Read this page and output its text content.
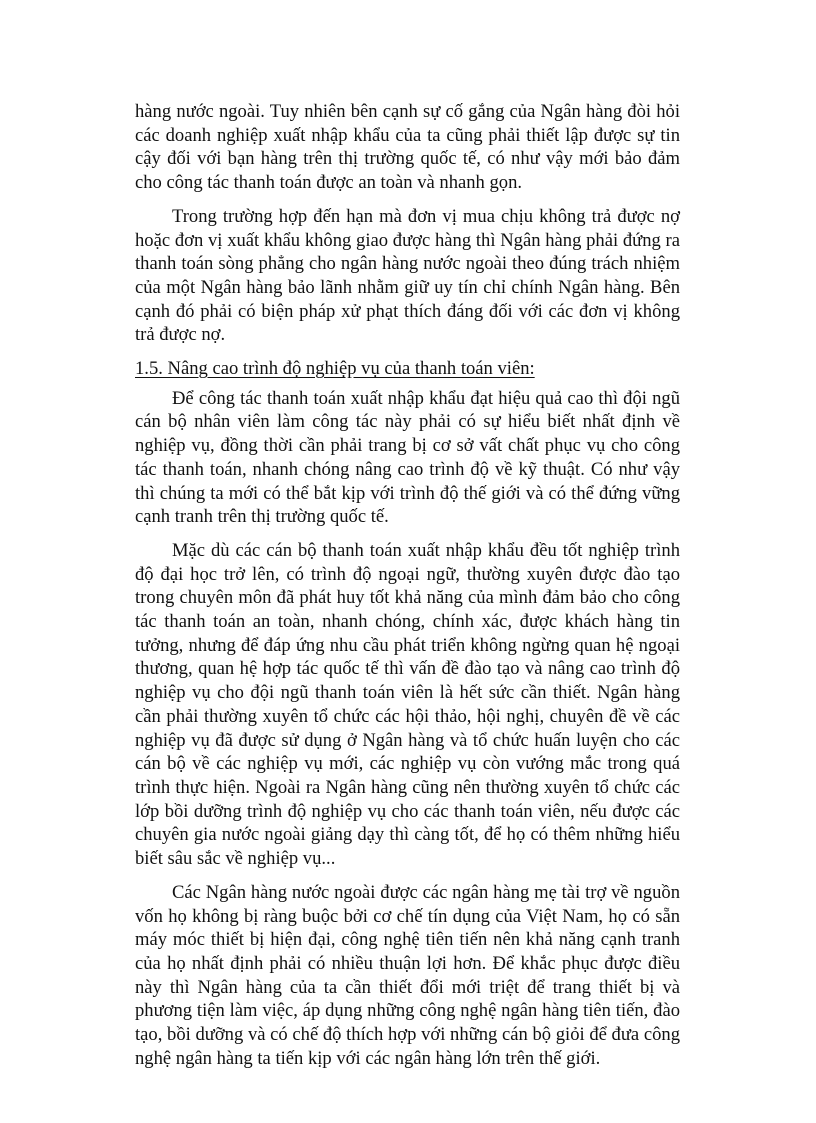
hàng nước ngoài. Tuy nhiên bên cạnh sự cố gắng của Ngân hàng đòi hỏi các doanh nghiệp xuất nhập khẩu của ta cũng phải thiết lập được sự tin cậy đối với bạn hàng trên thị trường quốc tế, có như vậy mới bảo đảm cho công tác thanh toán được an toàn và nhanh gọn.

Trong trường hợp đến hạn mà đơn vị mua chịu không trả được nợ hoặc đơn vị xuất khẩu không giao được hàng thì Ngân hàng phải đứng ra thanh toán sòng phẳng cho ngân hàng nước ngoài theo đúng trách nhiệm của một Ngân hàng bảo lãnh nhằm giữ uy tín chỉ chính Ngân hàng. Bên cạnh đó phải có biện pháp xử phạt thích đáng đối với các đơn vị không trả được nợ.

1.5. Nâng cao trình độ nghiệp vụ của thanh toán viên:

Để công tác thanh toán xuất nhập khẩu đạt hiệu quả cao thì đội ngũ cán bộ nhân viên làm công tác này phải có sự hiểu biết nhất định về nghiệp vụ, đồng thời cần phải trang bị cơ sở vất chất phục vụ cho công tác thanh toán, nhanh chóng nâng cao trình độ về kỹ thuật. Có như vậy thì chúng ta mới có thể bắt kịp với trình độ thế giới và có thể đứng vững cạnh tranh trên thị trường quốc tế.

Mặc dù các cán bộ thanh toán xuất nhập khẩu đều tốt nghiệp trình độ đại học trở lên, có trình độ ngoại ngữ, thường xuyên được đào tạo trong chuyên môn đã phát huy tốt khả năng của mình đảm bảo cho công tác thanh toán an toàn, nhanh chóng, chính xác, được khách hàng tin tưởng, nhưng để đáp ứng nhu cầu phát triển không ngừng quan hệ ngoại thương, quan hệ hợp tác quốc tế thì vấn đề đào tạo và nâng cao trình độ nghiệp vụ cho đội ngũ thanh toán viên là hết sức cần thiết. Ngân hàng cần phải thường xuyên tổ chức các hội thảo, hội nghị, chuyên đề về các nghiệp vụ đã được sử dụng ở Ngân hàng và tổ chức huấn luyện cho các cán bộ về các nghiệp vụ mới, các nghiệp vụ còn vướng mắc trong quá trình thực hiện. Ngoài ra Ngân hàng cũng nên thường xuyên tổ chức các lớp bồi dưỡng trình độ nghiệp vụ cho các thanh toán viên, nếu được các chuyên gia nước ngoài giảng dạy thì càng tốt, để họ có thêm những hiểu biết sâu sắc về nghiệp vụ...

Các Ngân hàng nước ngoài được các ngân hàng mẹ tài trợ về nguồn vốn họ không bị ràng buộc bởi cơ chế tín dụng của Việt Nam, họ có sẵn máy móc thiết bị hiện đại, công nghệ tiên tiến nên khả năng cạnh tranh của họ nhất định phải có nhiều thuận lợi hơn. Để khắc phục được điều này thì Ngân hàng của ta cần thiết đổi mới triệt để trang thiết bị và phương tiện làm việc, áp dụng những công nghệ ngân hàng tiên tiến, đào tạo, bồi dưỡng và có chế độ thích hợp với những cán bộ giỏi để đưa công nghệ ngân hàng ta tiến kịp với các ngân hàng lớn trên thế giới.
